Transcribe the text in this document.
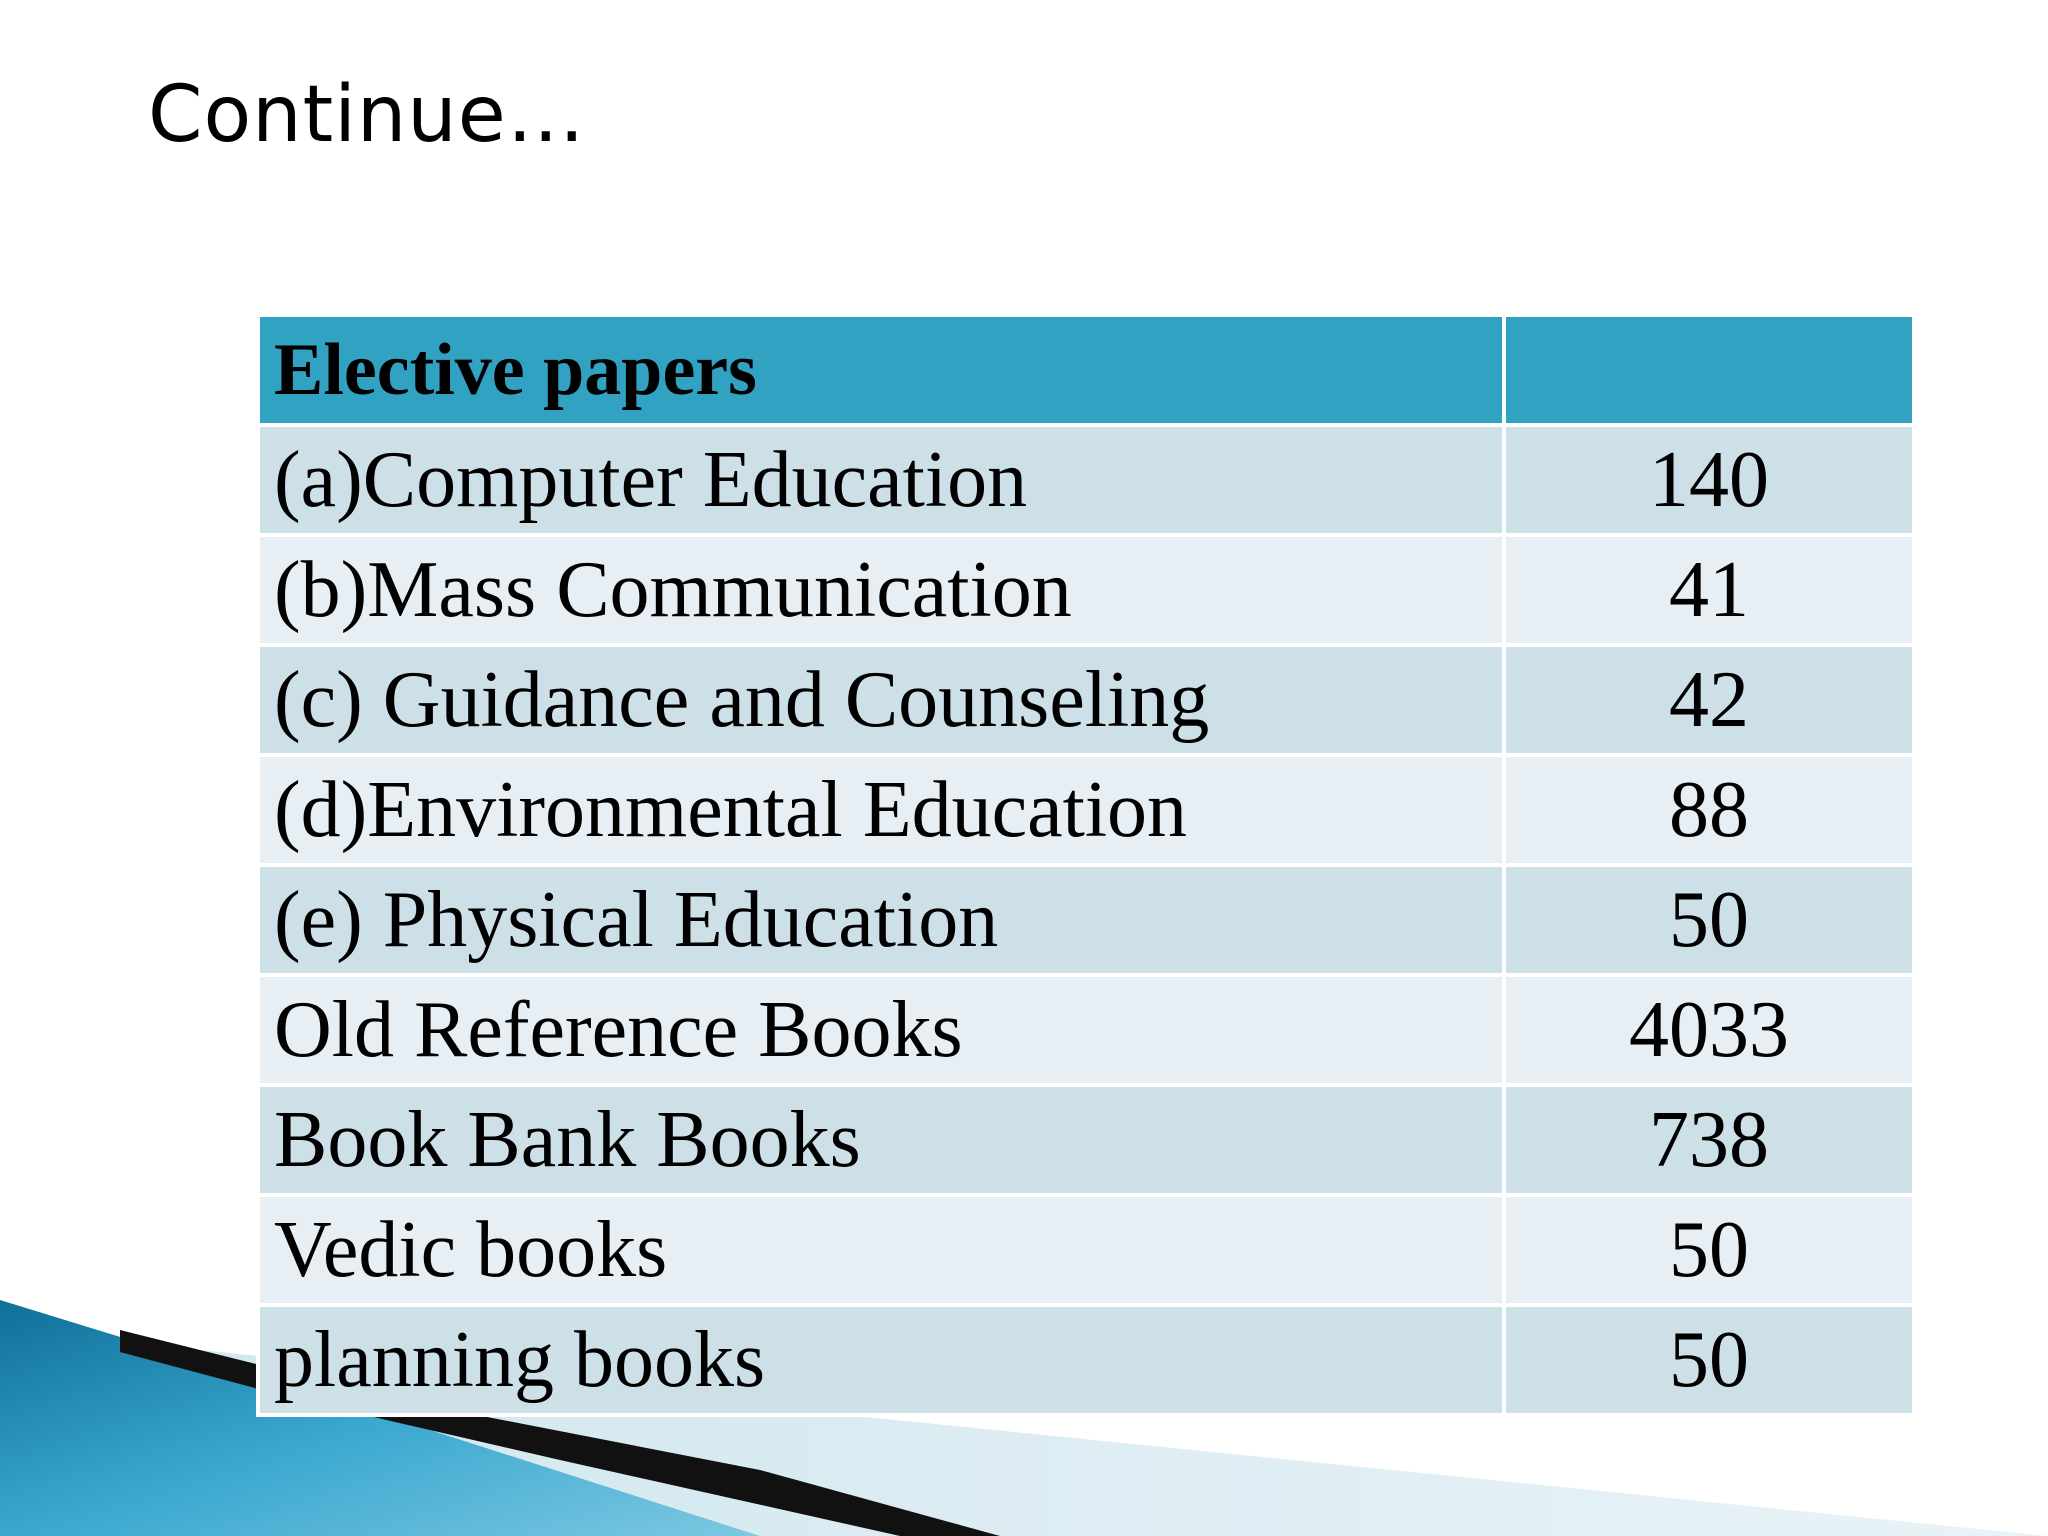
Continue…
Elective papers	
(a)Computer Education	140
(b)Mass Communication	41
(c) Guidance and Counseling	42
(d)Environmental Education	88
(e) Physical Education	50
Old Reference Books	4033
Book Bank Books	738
Vedic books	50
planning books	50
